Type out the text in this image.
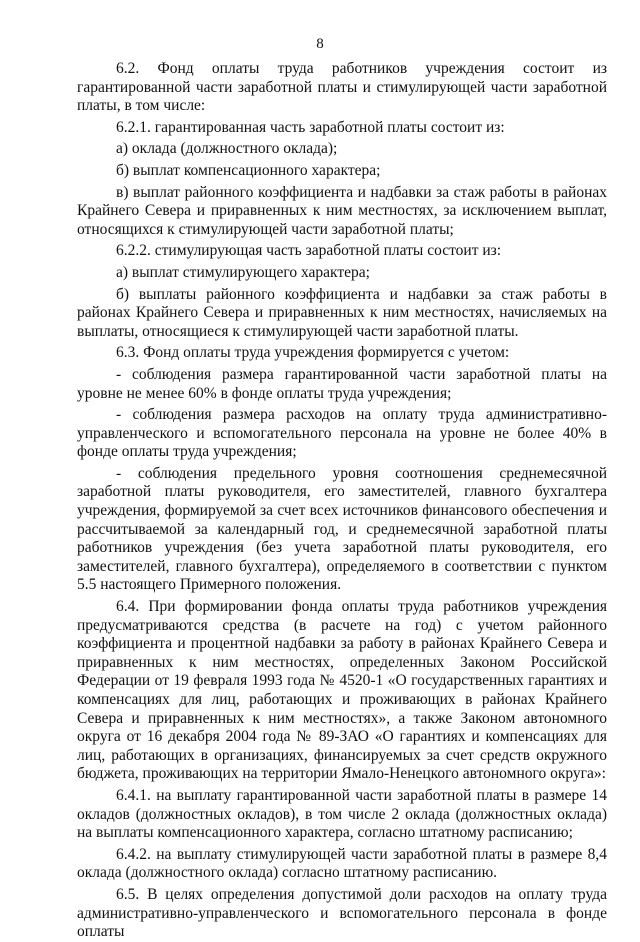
8

6.2. Фонд оплаты труда работников учреждения состоит из гарантированной части заработной платы и стимулирующей части заработной платы, в том числе:

6.2.1. гарантированная часть заработной платы состоит из:

а) оклада (должностного оклада);

б) выплат компенсационного характера;

в) выплат районного коэффициента и надбавки за стаж работы в районах Крайнего Севера и приравненных к ним местностях, за исключением выплат, относящихся к стимулирующей части заработной платы;

6.2.2. стимулирующая часть заработной платы состоит из:

а) выплат стимулирующего характера;

б) выплаты районного коэффициента и надбавки за стаж работы в районах Крайнего Севера и приравненных к ним местностях, начисляемых на выплаты, относящиеся к стимулирующей части заработной платы.

6.3. Фонд оплаты труда учреждения формируется с учетом:

- соблюдения размера гарантированной части заработной платы на уровне не менее 60% в фонде оплаты труда учреждения;

- соблюдения размера расходов на оплату труда административно-управленческого и вспомогательного персонала на уровне не более 40% в фонде оплаты труда учреждения;

- соблюдения предельного уровня соотношения среднемесячной заработной платы руководителя, его заместителей, главного бухгалтера учреждения, формируемой за счет всех источников финансового обеспечения и рассчитываемой за календарный год, и среднемесячной заработной платы работников учреждения (без учета заработной платы руководителя, его заместителей, главного бухгалтера), определяемого в соответствии с пунктом 5.5 настоящего Примерного положения.

6.4. При формировании фонда оплаты труда работников учреждения предусматриваются средства (в расчете на год) с учетом районного коэффициента и процентной надбавки за работу в районах Крайнего Севера и приравненных к ним местностях, определенных Законом Российской Федерации от 19 февраля 1993 года № 4520-1 «О государственных гарантиях и компенсациях для лиц, работающих и проживающих в районах Крайнего Севера и приравненных к ним местностях», а также Законом автономного округа от 16 декабря 2004 года № 89-ЗАО «О гарантиях и компенсациях для лиц, работающих в организациях, финансируемых за счет средств окружного бюджета, проживающих на территории Ямало-Ненецкого автономного округа»:

6.4.1. на выплату гарантированной части заработной платы в размере 14 окладов (должностных окладов), в том числе 2 оклада (должностных оклада) на выплаты компенсационного характера, согласно штатному расписанию;

6.4.2. на выплату стимулирующей части заработной платы в размере 8,4 оклада (должностного оклада) согласно штатному расписанию.

6.5. В целях определения допустимой доли расходов на оплату труда административно-управленческого и вспомогательного персонала в фонде оплаты
